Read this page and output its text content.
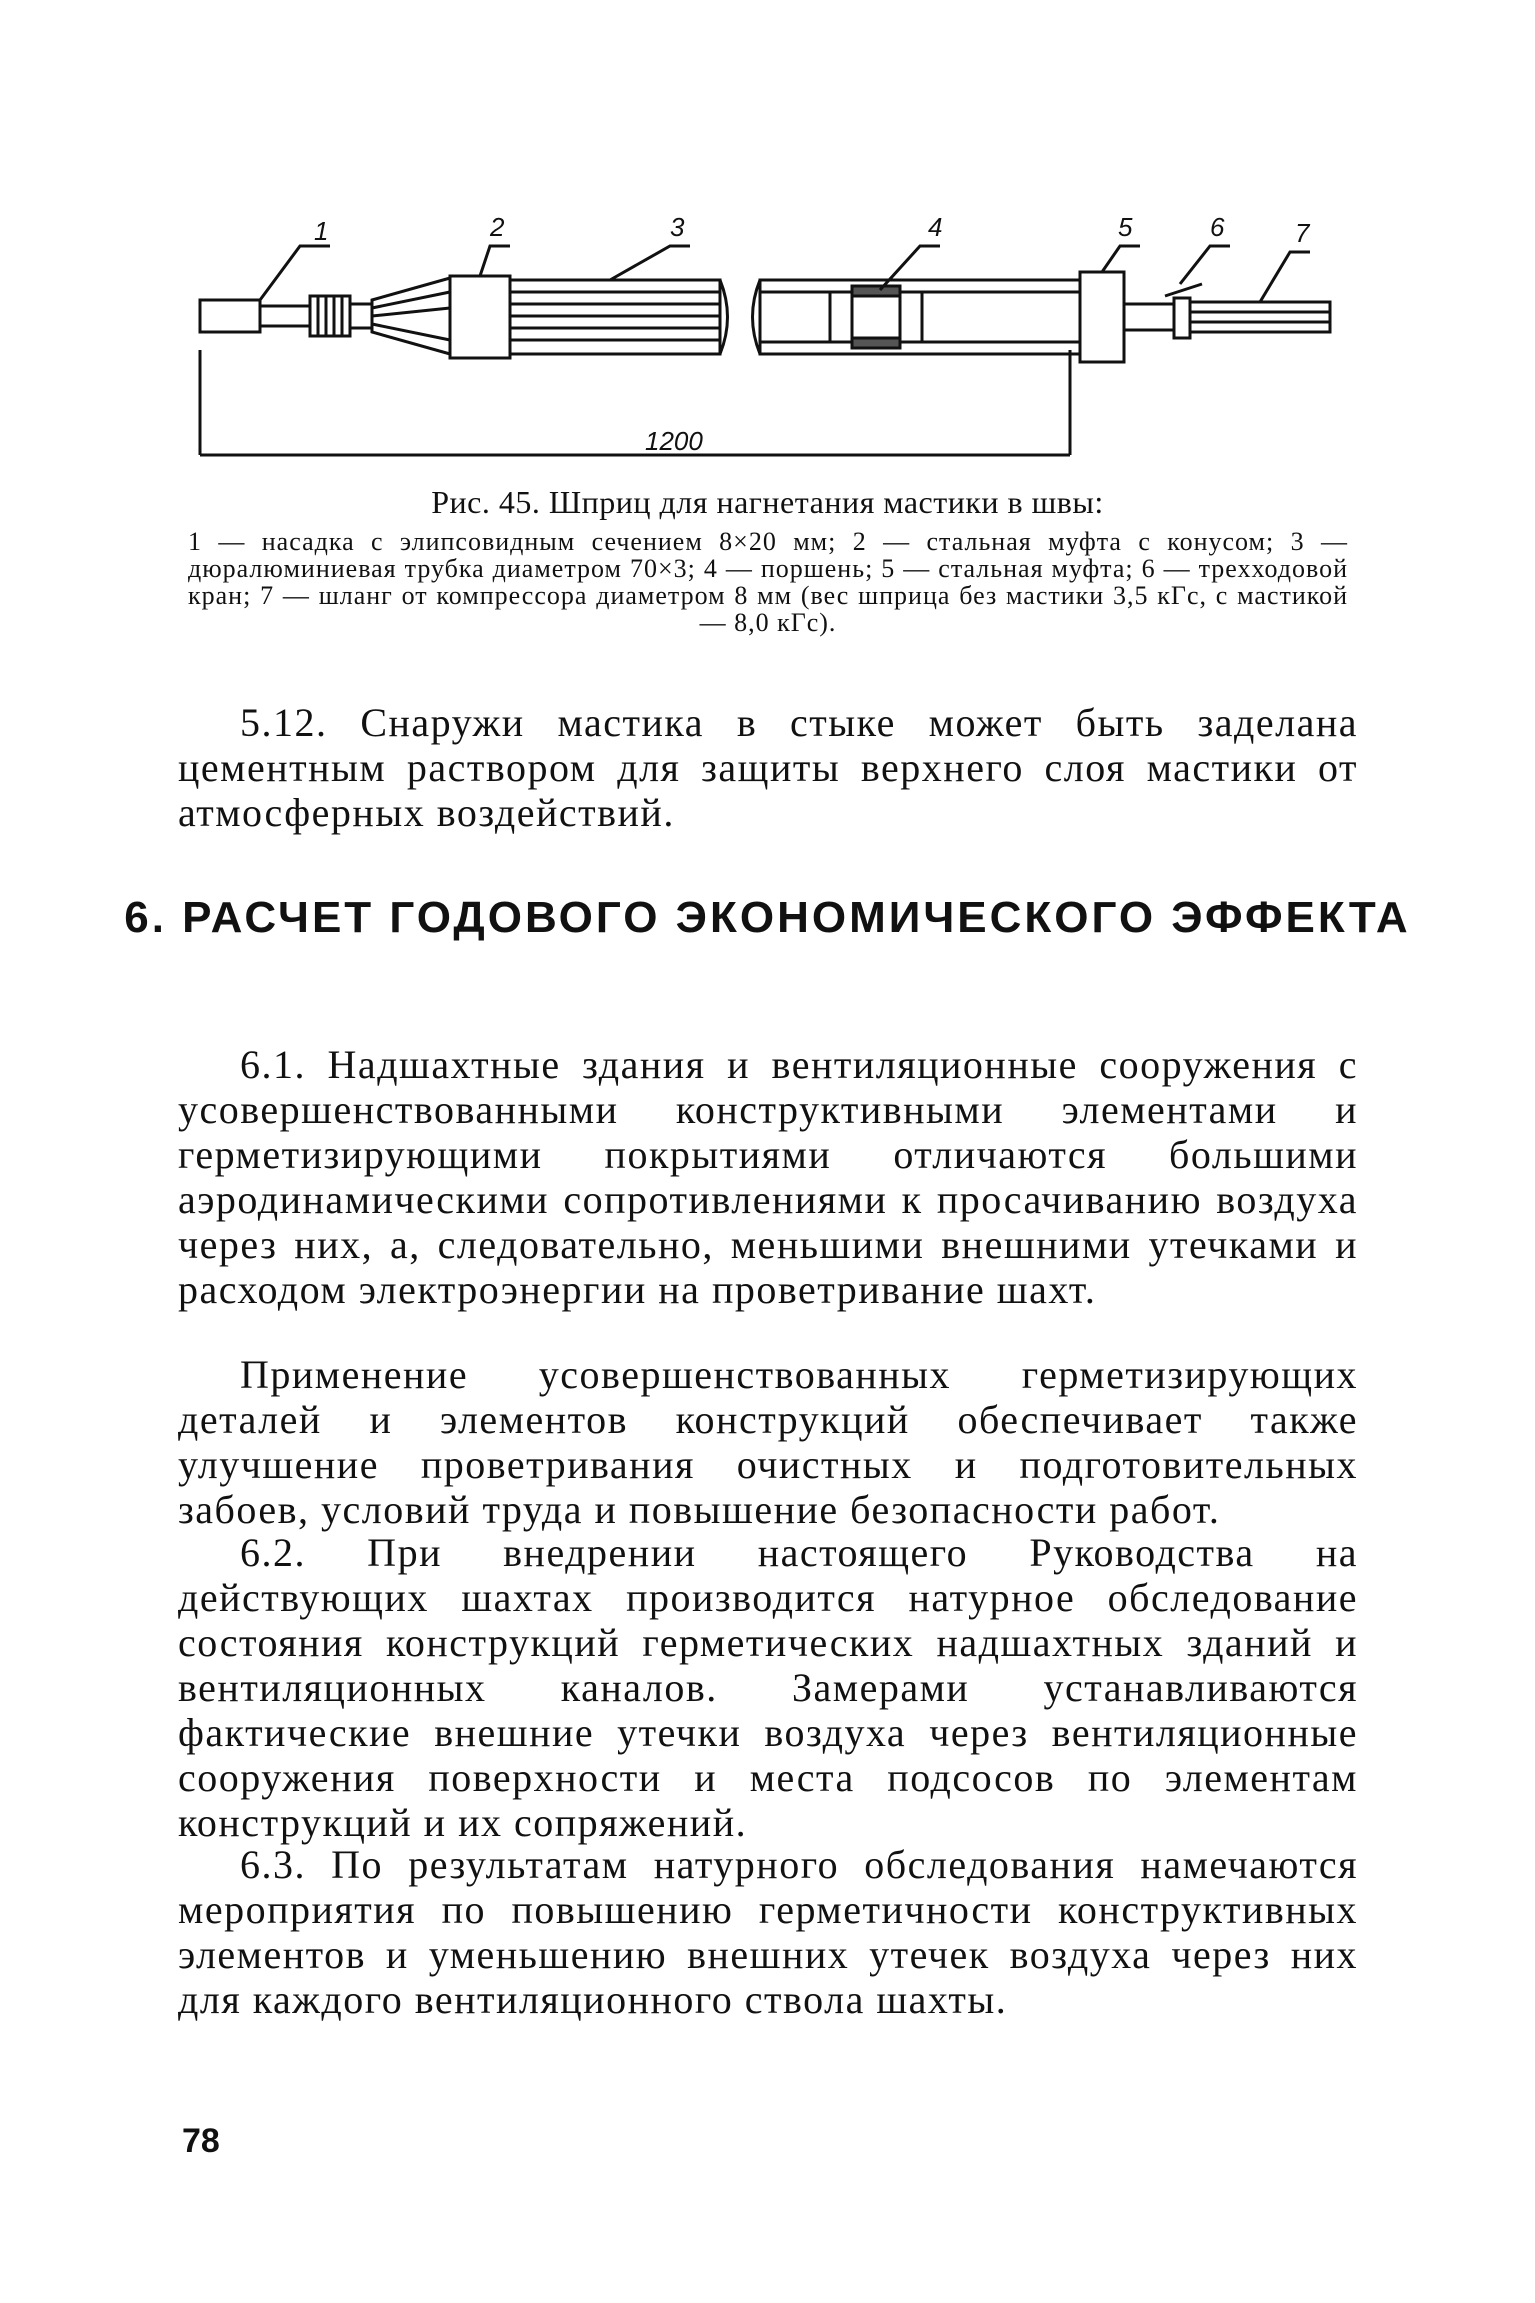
1	2	3	4	5	6	7
1200
Рис. 45. Шприц для нагнетания мастики в швы:
1 — насадка с элипсовидным сечением 8×20 мм; 2 — стальная муфта с конусом; 3 — дюралюминиевая трубка диаметром 70×3; 4 — поршень; 5 — стальная муфта; 6 — трехходовой кран; 7 — шланг от компрессора диаметром 8 мм (вес шприца без мастики 3,5 кГс, с мастикой — 8,0 кГс).
5.12. Снаружи мастика в стыке может быть заделана цементным раствором для защиты верхнего слоя мастики от атмосферных воздействий.
6. РАСЧЕТ ГОДОВОГО ЭКОНОМИЧЕСКОГО ЭФФЕКТА
6.1. Надшахтные здания и вентиляционные сооружения с усовершенствованными конструктивными элементами и герметизирующими покрытиями отличаются большими аэродинамическими сопротивлениями к просачиванию воздуха через них, а, следовательно, меньшими внешними утечками и расходом электроэнергии на проветривание шахт.
Применение усовершенствованных герметизирующих деталей и элементов конструкций обеспечивает также улучшение проветривания очистных и подготовительных забоев, условий труда и повышение безопасности работ.
6.2. При внедрении настоящего Руководства на действующих шахтах производится натурное обследование состояния конструкций герметических надшахтных зданий и вентиляционных каналов. Замерами устанавливаются фактические внешние утечки воздуха через вентиляционные сооружения поверхности и места подсосов по элементам конструкций и их сопряжений.
6.3. По результатам натурного обследования намечаются мероприятия по повышению герметичности конструктивных элементов и уменьшению внешних утечек воздуха через них для каждого вентиляционного ствола шахты.
78
